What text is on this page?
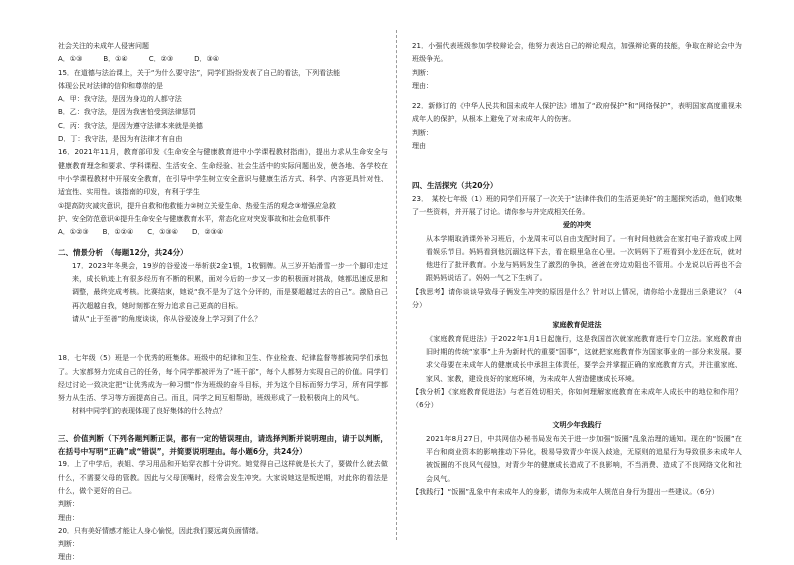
社会关注的未成年人侵害问题
A．①③　　　B．①④　　　C．②③　　　D．③④
15．在道德与法治课上，关于“为什么要守法”，同学们纷纷发表了自己的看法，下列看法能
体现公民对法律的信仰和尊崇的是
A．甲：我守法，是因为身边的人都守法
B．乙：我守法，是因为我害怕受到法律惩罚
C．丙：我守法，是因为遵守法律本来就是美德
D．丁：我守法，是因为有法律才有自由
16．2021年11月，教育部印发《生命安全与健康教育进中小学课程教材指南》，提出力求从生命安全与健康教育理念和要求、学科课程、生活安全、生命经验、社会生活中的实际问题出发，使各地、各学校在中小学课程教材中开展安全教育，在引导中学生树立安全意识与健康生活方式、科学、内容更具针对性、适宜性、实用性。该指南的印发，有利于学生
①提高防灾减灾意识，提升自救和他救能力②树立关爱生命、热爱生活的观念③增强应急救
护、安全防范意识④提升生命安全与健康教育水平，常态化应对突发事故和社会危机事件
A．①②③　　B．①②④　　C．①③④　　D．②③④
二、情景分析　（每题12分，共24分）
17．2023年冬奥会，19岁的谷爱凌一举斩获2金1银，1枚铜牌。从三岁开始滑雪一步一个脚印走过来，成长轨迹上有很多经历有不断的积累，面对今后的一步又一步的积极面对挑战，她都迅速反思和调整，最终完成考核。比赛结束，她说“我不是为了这个分评的，而是要超越过去的自己”。激励自己再次超越自我，她时刻都在努力追求自己更高的目标。
请从“止于至善”的角度谈谈，你从谷爱凌身上学习到了什么？
18．七年级（5）班是一个优秀的班集体。班级中的纪律和卫生、作业检查、纪律监督等都被同学们承包了。大家都努力完成自己的任务，每个同学都被评为了“班干部”，每个人都努力实现自己的价值。同学们经过讨论一致决定把“让优秀成为一种习惯”作为班级的奋斗目标，并为这个目标而努力学习，所有同学都努力从生活、学习等方面提高自己。而且，同学之间互相帮助，班级形成了一股积极向上的风气。
材料中同学们的表现体现了良好集体的什么特点？
三、价值判断（下列各题判断正误，都有一定的错误理由，请选择判断并说明理由，请于以判断，在括号中写明“正确”或“错误”，并简要说明理由。每小题6分，共24分）
19．上了中学后，表姐、学习用品和开始穿衣都十分讲究。她觉得自己这样就是长大了，要做什么就去做什么，不需要父母的管教。因此与父母顶嘴时，经常会发生冲突。大家说她这是叛逆期，对此你的看法是什么，做个更好的自己。
判断：
理由：
20．只有美好情感才能让人身心愉悦，因此我们要远离负面情绪。
判断：
理由：
21．小强代表班级参加学校辩论会，他努力表达自己的辩论观点，加强辩论赛的技能，争取在辩论会中为班级争光。
判断：
理由：
22．新修订的《中华人民共和国未成年人保护法》增加了“政府保护”和“网络保护”，表明国家高度重视未成年人的保护，从根本上避免了对未成年人的伤害。
判断：
理由
四、生活探究（共20分）
23．　某校七年级（1）班的同学们开展了一次关于“法律伴我们的生活更美好”的主题探究活动，他们收集了一些资料，并开展了讨论。请你参与并完成相关任务。
爱的冲突
从本学期取消课外补习班后，小龙周末可以自由支配时间了。一有时间他就会在家打电子游戏或上网看娱乐节目。妈妈看到他沉溺这样下去，看在眼里急在心里。一次妈妈下了班看到小龙还在玩，就对他进行了批评教育。小龙与妈妈发生了激烈的争执，爸爸在旁边劝阻也不管用。小龙说以后再也不会跟妈妈说话了。妈妈一气之下生病了。
【我思考】请你谈谈导致母子俩发生冲突的原因是什么？针对以上情况，请你给小龙提出三条建议？（4分）
家庭教育促进法
《家庭教育促进法》于2022年1月1日起施行，这是我国首次就家庭教育进行专门立法。家庭教育由旧时期的传统“家事”上升为新时代的重要“国事”，这就把家庭教育作为国家事业的一部分来发展。要求父母要在未成年人的健康成长中承担主体责任，要学会并掌握正确的家庭教育方式，并注重家庭、家风、家教，建设良好的家庭环境，为未成年人营造健康成长环境。
【我分析】《家庭教育促进法》与老百姓切相关，你如何理解家庭教育在未成年人成长中的地位和作用？（6分）
文明少年我践行
2021年8月27日，中共网信办秘书局发布关于进一步加强“饭圈”乱象治理的通知。现在的“饭圈”在平台和商业资本的影响推动下异化，极易导致青少年误入歧途，无原则的追星行为导致很多未成年人被饭圈的不良风气侵蚀，对青少年的健康成长造成了不良影响，不当消费、造成了不良网络文化和社会风气。
【我践行】“饭圈”乱象中有未成年人的身影，请你为未成年人规范自身行为提出一些建议。（6分）
